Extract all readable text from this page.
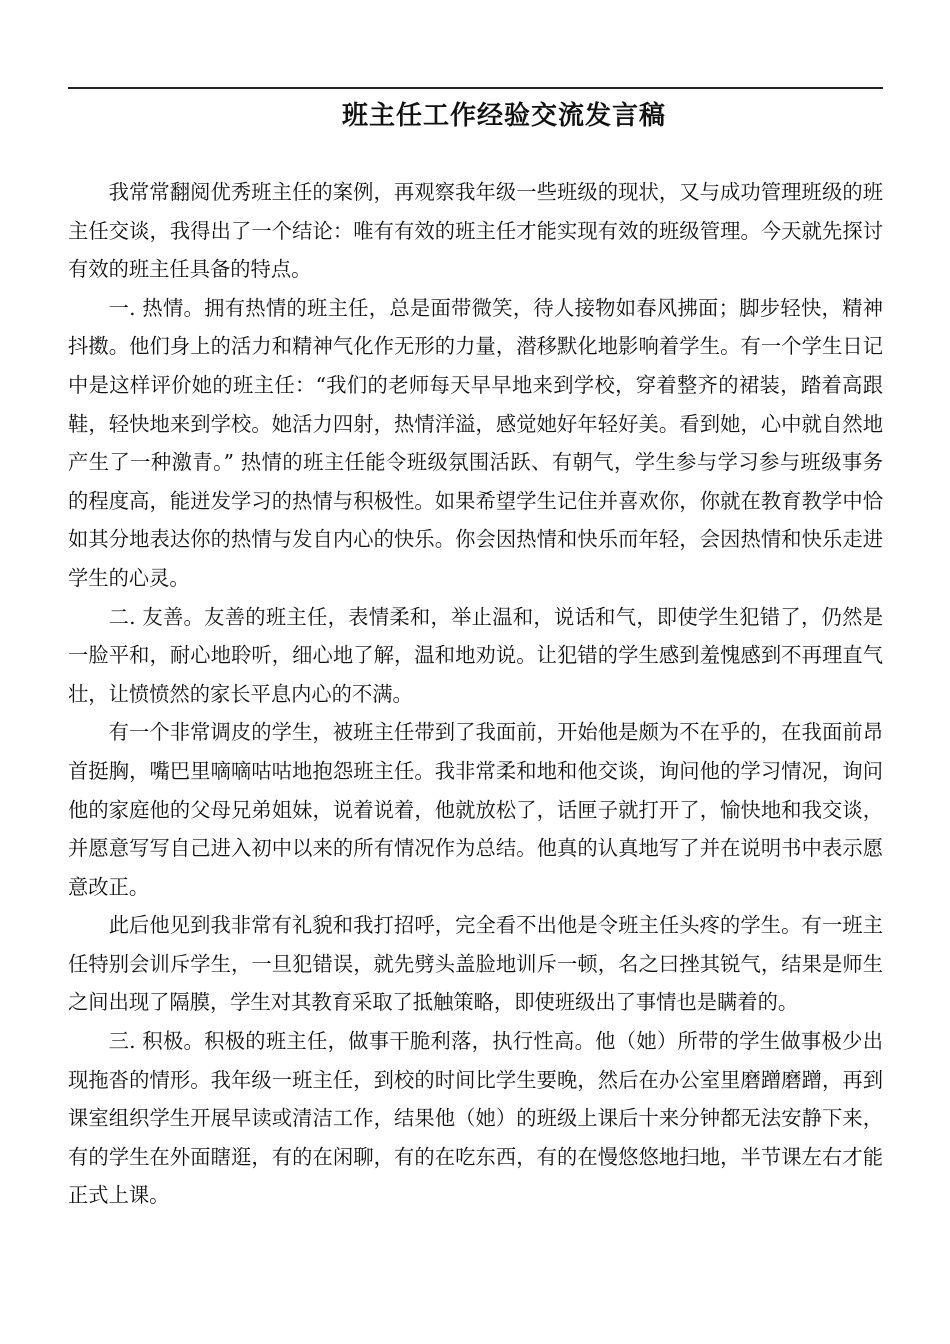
班主任工作经验交流发言稿

我常常翻阅优秀班主任的案例，再观察我年级一些班级的现状，又与成功管理班级的班主任交谈，我得出了一个结论：唯有有效的班主任才能实现有效的班级管理。今天就先探讨有效的班主任具备的特点。

一. 热情。拥有热情的班主任，总是面带微笑，待人接物如春风拂面；脚步轻快，精神抖擞。他们身上的活力和精神气化作无形的力量，潜移默化地影响着学生。有一个学生日记中是这样评价她的班主任：“我们的老师每天早早地来到学校，穿着整齐的裙装，踏着高跟鞋，轻快地来到学校。她活力四射，热情洋溢，感觉她好年轻好美。看到她，心中就自然地产生了一种激青。” 热情的班主任能令班级氛围活跃、有朝气，学生参与学习参与班级事务的程度高，能迸发学习的热情与积极性。如果希望学生记住并喜欢你，你就在教育教学中恰如其分地表达你的热情与发自内心的快乐。你会因热情和快乐而年轻，会因热情和快乐走进学生的心灵。

二. 友善。友善的班主任，表情柔和，举止温和，说话和气，即使学生犯错了，仍然是一脸平和，耐心地聆听，细心地了解，温和地劝说。让犯错的学生感到羞愧感到不再理直气壮，让愤愤然的家长平息内心的不满。

有一个非常调皮的学生，被班主任带到了我面前，开始他是颇为不在乎的，在我面前昂首挺胸，嘴巴里嘀嘀咕咕地抱怨班主任。我非常柔和地和他交谈，询问他的学习情况，询问他的家庭他的父母兄弟姐妹，说着说着，他就放松了，话匣子就打开了，愉快地和我交谈，并愿意写写自己进入初中以来的所有情况作为总结。他真的认真地写了并在说明书中表示愿意改正。

此后他见到我非常有礼貌和我打招呼，完全看不出他是令班主任头疼的学生。有一班主任特别会训斥学生，一旦犯错误，就先劈头盖脸地训斥一顿，名之曰挫其锐气，结果是师生之间出现了隔膜，学生对其教育采取了抵触策略，即使班级出了事情也是瞒着的。

三. 积极。积极的班主任，做事干脆利落，执行性高。他（她）所带的学生做事极少出现拖沓的情形。我年级一班主任，到校的时间比学生要晚，然后在办公室里磨蹭磨蹭，再到课室组织学生开展早读或清洁工作，结果他（她）的班级上课后十来分钟都无法安静下来，有的学生在外面瞎逛，有的在闲聊，有的在吃东西，有的在慢悠悠地扫地，半节课左右才能正式上课。
